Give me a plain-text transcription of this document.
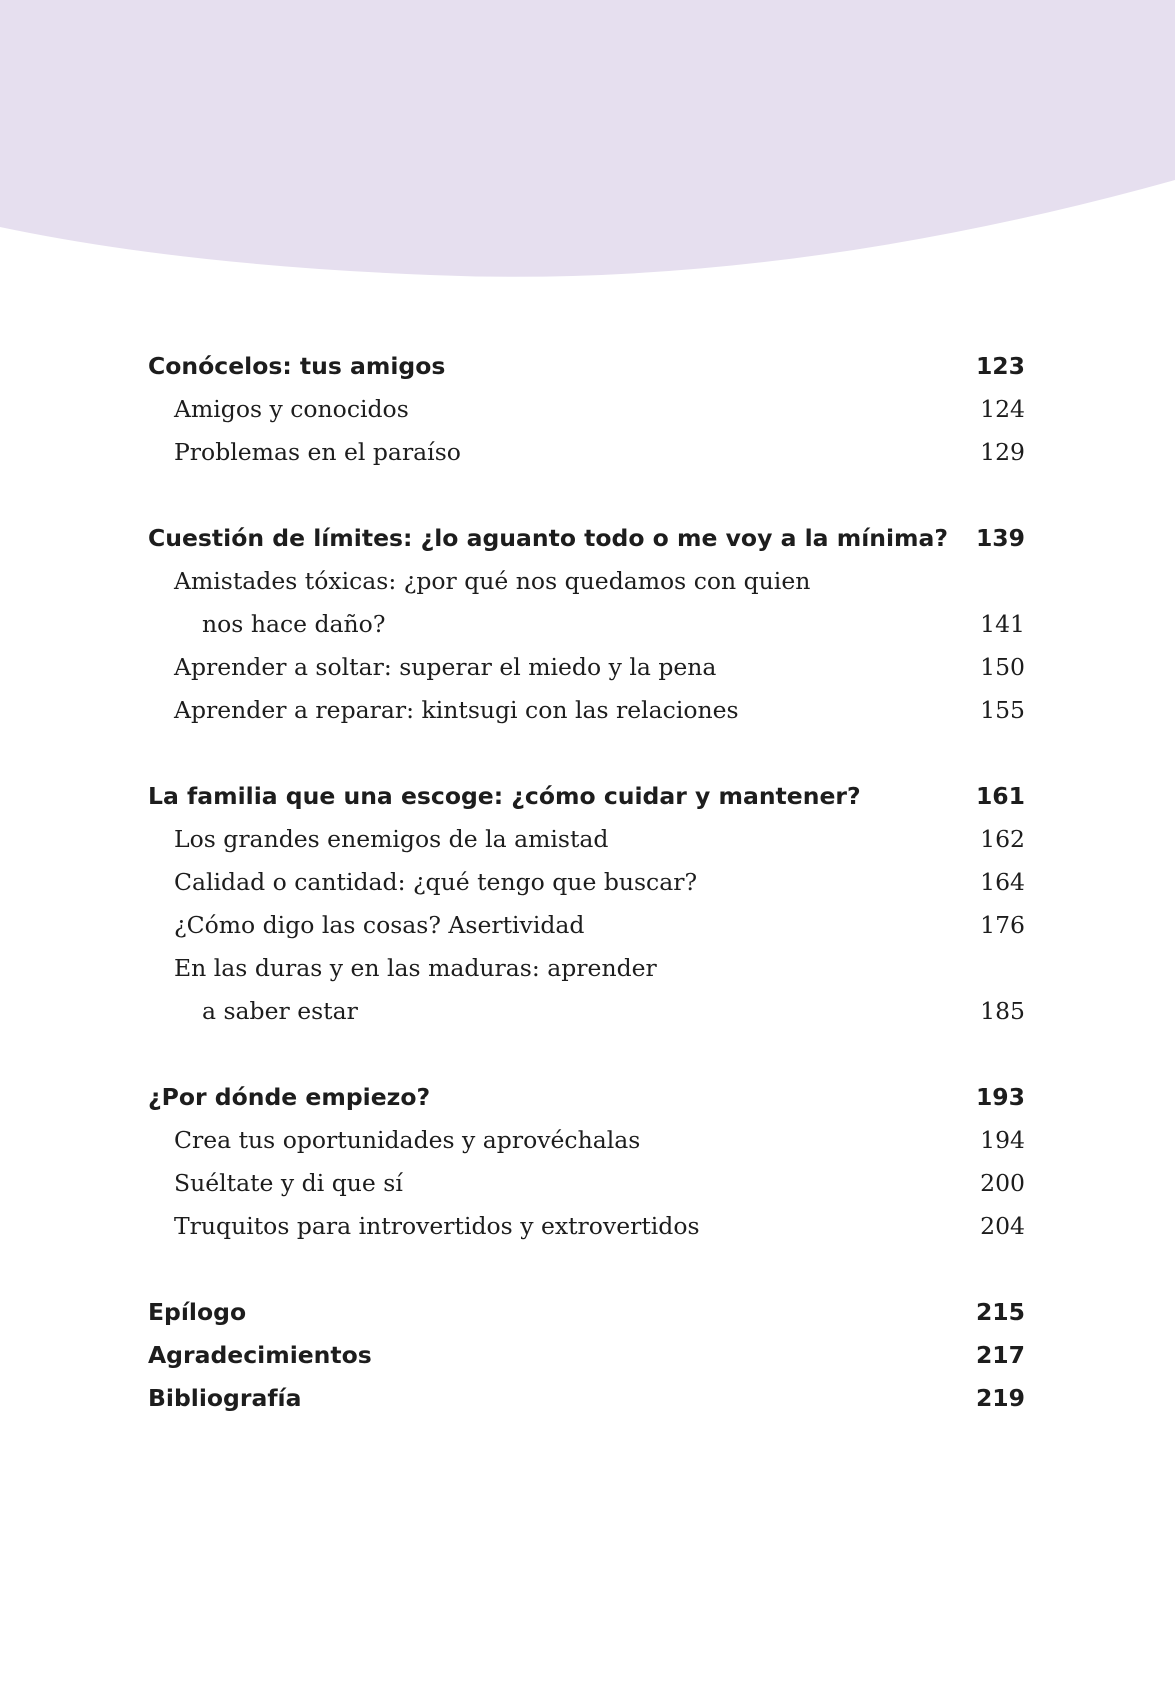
Conócelos: tus amigos	123
Amigos y conocidos	124
Problemas en el paraíso	129
Cuestión de límites: ¿lo aguanto todo o me voy a la mínima? 139
Amistades tóxicas: ¿por qué nos quedamos con quien
nos hace daño?	141
Aprender a soltar: superar el miedo y la pena	150
Aprender a reparar: kintsugi con las relaciones	155
La familia que una escoge: ¿cómo cuidar y mantener?	161
Los grandes enemigos de la amistad	162
Calidad o cantidad: ¿qué tengo que buscar?	164
¿Cómo digo las cosas? Asertividad	176
En las duras y en las maduras: aprender
a saber estar	185
¿Por dónde empiezo?	193
Crea tus oportunidades y aprovéchalas	194
Suéltate y di que sí	200
Truquitos para introvertidos y extrovertidos	204
Epílogo	215
Agradecimientos	217
Bibliografía	219
